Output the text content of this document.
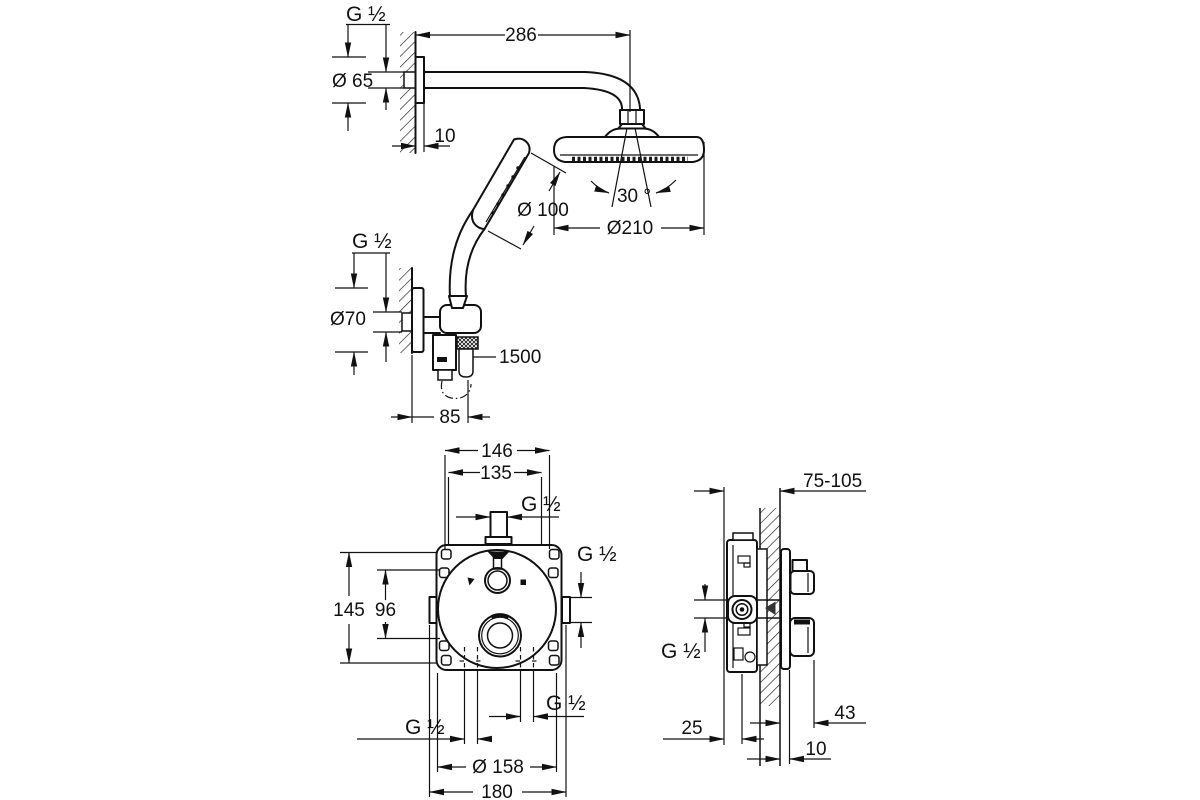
30 °
286
G ½
Ø 65
10
Ø210
Ø 100
1500
G ½
Ø70
85
146
135
G ½
G ½
145 96
G ½
G ½
Ø 158
180
75-105
G ½
25
10
43
